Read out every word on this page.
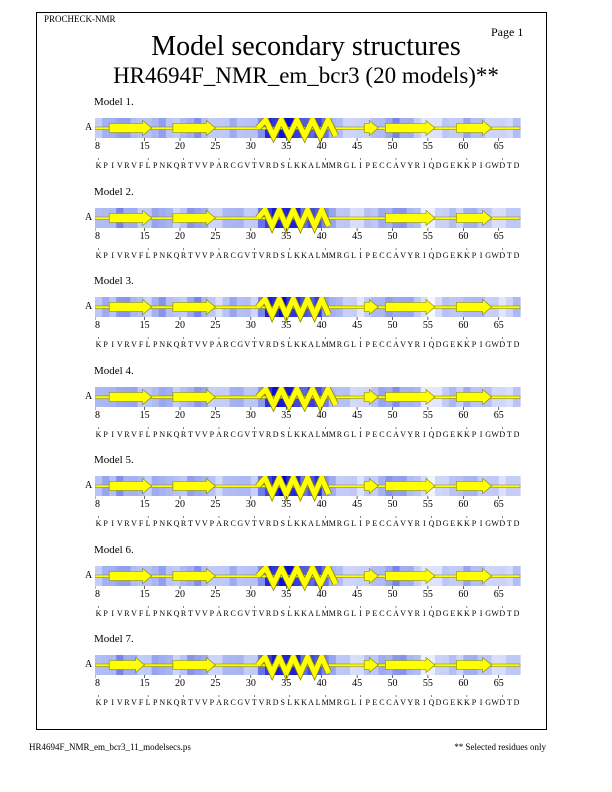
PROCHECK-NMR
Page 1
Model secondary structures
HR4694F_NMR_em_bcr3 (20 models)**
Model 1.
A
8	15	20	25	30	35	40	45	50	55	60	65
K P I V R V F L P N K Q R T V V P A R C G V T V R D S L K K A L M M R G L I P E C C A V Y R I Q D G E K K P I G W D T D
Model 2.
A
8	15	20	25	30	35	40	45	50	55	60	65
K P I V R V F L P N K Q R T V V P A R C G V T V R D S L K K A L M M R G L I P E C C A V Y R I Q D G E K K P I G W D T D
Model 3.
A
8	15	20	25	30	35	40	45	50	55	60	65
K P I V R V F L P N K Q R T V V P A R C G V T V R D S L K K A L M M R G L I P E C C A V Y R I Q D G E K K P I G W D T D
Model 4.
A
8	15	20	25	30	35	40	45	50	55	60	65
K P I V R V F L P N K Q R T V V P A R C G V T V R D S L K K A L M M R G L I P E C C A V Y R I Q D G E K K P I G W D T D
Model 5.
A
8	15	20	25	30	35	40	45	50	55	60	65
K P I V R V F L P N K Q R T V V P A R C G V T V R D S L K K A L M M R G L I P E C C A V Y R I Q D G E K K P I G W D T D
Model 6.
A
8	15	20	25	30	35	40	45	50	55	60	65
K P I V R V F L P N K Q R T V V P A R C G V T V R D S L K K A L M M R G L I P E C C A V Y R I Q D G E K K P I G W D T D
Model 7.
A
8	15	20	25	30	35	40	45	50	55	60	65
K P I V R V F L P N K Q R T V V P A R C G V T V R D S L K K A L M M R G L I P E C C A V Y R I Q D G E K K P I G W D T D
HR4694F_NMR_em_bcr3_11_modelsecs.ps	** Selected residues only
